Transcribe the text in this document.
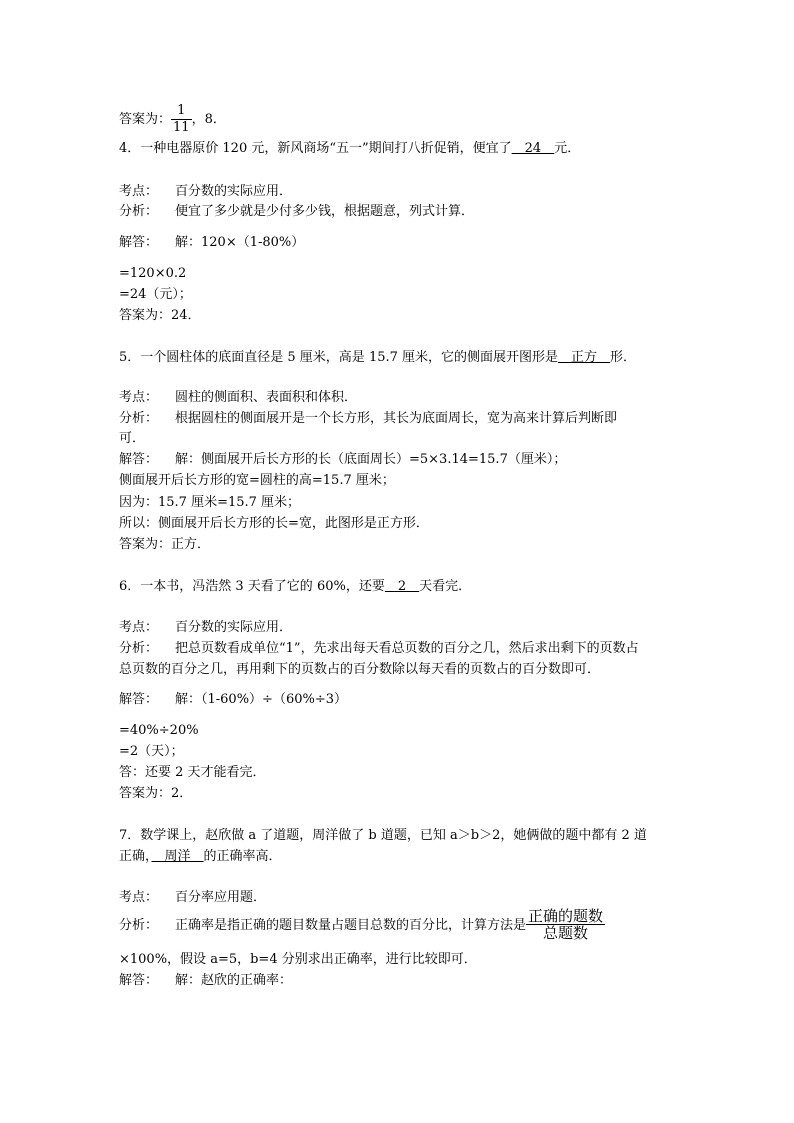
答案为： $\frac{1}{11}$ ，8．
4．一种电器原价 120 元，新风商场“五一”期间打八折促销，便宜了　24　元．
考点： 百分数的实际应用．
分析： 便宜了多少就是少付多少钱，根据题意，列式计算．
解答： 解：120×（1-80%）
=120×0.2
=24（元）；
答案为：24．
5．一个圆柱体的底面直径是 5 厘米，高是 15.7 厘米，它的侧面展开图形是　正方　形．
考点： 圆柱的侧面积、表面积和体积．
分析： 根据圆柱的侧面展开是一个长方形，其长为底面周长，宽为高来计算后判断即
可．
解答： 解：侧面展开后长方形的长（底面周长）=5×3.14=15.7（厘米）；
侧面展开后长方形的宽=圆柱的高=15.7 厘米；
因为：15.7 厘米=15.7 厘米；
所以：侧面展开后长方形的长=宽，此图形是正方形．
答案为：正方．
6．一本书，冯浩然 3 天看了它的 60%，还要　2　天看完．
考点： 百分数的实际应用．
分析： 把总页数看成单位“1”，先求出每天看总页数的百分之几，然后求出剩下的页数占
总页数的百分之几，再用剩下的页数占的百分数除以每天看的页数占的百分数即可．
解答： 解：（1-60%）÷（60%÷3）
=40%÷20%
=2（天）；
答：还要 2 天才能看完．
答案为：2．
7．数学课上，赵欣做 a 了道题，周洋做了 b 道题，已知 a＞b＞2，她俩做的题中都有 2 道
正确，　周洋　的正确率高．
考点： 百分率应用题．
分析： 正确率是指正确的题目数量占题目总数的百分比，计算方法是 $\frac{\text{正确的题数}}{\text{总题数}}$
×100%，假设 a=5，b=4 分别求出正确率，进行比较即可．
解答： 解：赵欣的正确率：
